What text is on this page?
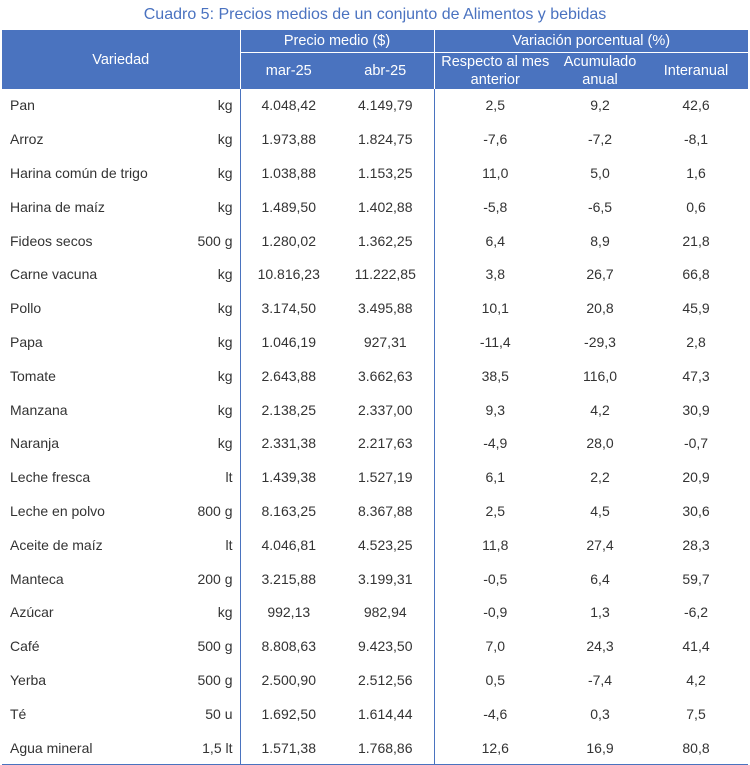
Cuadro 5: Precios medios de un conjunto de Alimentos y bebidas
Variedad		Precio medio ($)		Variación porcentual (%)		
		mar-25	abr-25	Respecto al mes anterior	Acumulado anual	Interanual
Pan	kg	4.048,42	4.149,79	2,5	9,2	42,6
Arroz	kg	1.973,88	1.824,75	-7,6	-7,2	-8,1
Harina común de trigo	kg	1.038,88	1.153,25	11,0	5,0	1,6
Harina de maíz	kg	1.489,50	1.402,88	-5,8	-6,5	0,6
Fideos secos	500 g	1.280,02	1.362,25	6,4	8,9	21,8
Carne vacuna	kg	10.816,23	11.222,85	3,8	26,7	66,8
Pollo	kg	3.174,50	3.495,88	10,1	20,8	45,9
Papa	kg	1.046,19	927,31	-11,4	-29,3	2,8
Tomate	kg	2.643,88	3.662,63	38,5	116,0	47,3
Manzana	kg	2.138,25	2.337,00	9,3	4,2	30,9
Naranja	kg	2.331,38	2.217,63	-4,9	28,0	-0,7
Leche fresca	lt	1.439,38	1.527,19	6,1	2,2	20,9
Leche en polvo	800 g	8.163,25	8.367,88	2,5	4,5	30,6
Aceite de maíz	lt	4.046,81	4.523,25	11,8	27,4	28,3
Manteca	200 g	3.215,88	3.199,31	-0,5	6,4	59,7
Azúcar	kg	992,13	982,94	-0,9	1,3	-6,2
Café	500 g	8.808,63	9.423,50	7,0	24,3	41,4
Yerba	500 g	2.500,90	2.512,56	0,5	-7,4	4,2
Té	50 u	1.692,50	1.614,44	-4,6	0,3	7,5
Agua mineral	1,5 lt	1.571,38	1.768,86	12,6	16,9	80,8
